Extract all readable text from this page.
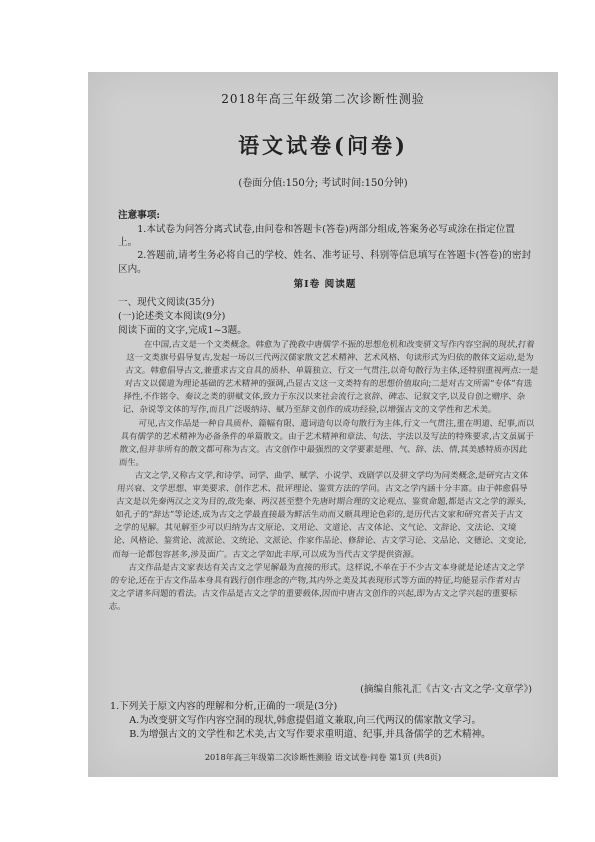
2018年高三年级第二次诊断性测验
语文试卷(问卷)
(卷面分值:150分; 考试时间:150分钟)
注意事项:

1.本试卷为问答分离式试卷,由问卷和答题卡(答卷)两部分组成,答案务必写或涂在指定位置上。

2.答题前,请考生务必将自己的学校、姓名、准考证号、科别等信息填写在答题卡(答卷)的密封区内。

第Ⅰ卷 阅读题
一、现代文阅读(35分)
(一)论述类文本阅读(9分)
阅读下面的文字,完成1~3题。

在中国,古文是一个文类概念。韩愈为了挽救中唐儒学不振的思想危机和改变骈文写作内容空洞的现状,打着这一文类旗号倡导复古,发起一场以三代两汉儒家散文艺术精神、艺术风格、句读形式为归依的散体文运动,是为古文。韩愈倡导古文,兼重求古文自具的质朴、单篇独立、行文一气贯注,以奇句散行为主体,还特别重视两点:一是对古文以儒道为理论基础的艺术精神的强调,凸显古文这一文类特有的思想价值取向;二是对古文所需“专体”有选择性,不作铭令、奏议之类的骈赋文体,致力于东汉以来社会流行之哀辞、碑志、记叙文字,以及自创之赠序、杂记、杂说等文体的写作,而且广泛吸纳诗、赋乃至辞文创作的成功经验,以增强古文的文学性和艺术美。

可见,古文作品是一种自具质朴、篇幅有限、遣词造句以奇句散行为主体,行文一气贯注,重在明道、纪事,而以具有儒学的艺术精神为必备条件的单篇散文。由于艺术精神和章法、句法、字法以及写法的特殊要求,古文虽属于散文,但并非所有的散文都可称为古文。古文创作中最强烈的文学要素是理、气、辞、法、情,其美感特质亦因此而生。

古文之学,又称古文学,和诗学、词学、曲学、赋学、小说学、戏剧学以及骈文学均为同类概念,是研究古文体用兴衰、文学思想、审美要求、创作艺术、批评理论、鉴赏方法的学问。古文之学内涵十分丰富。由于韩愈倡导古文是以先秦两汉之文为目的,故先秦、两汉甚至整个先唐时期合理的文论观点、鉴赏命题,都是古文之学的源头,如孔子的“辞达”等论述,成为古文之学最直接最为鲜活生动而又颇具理论色彩的,是历代古文家和研究者关于古文之学的见解。其见解至少可以归纳为古文原论、文用论、文道论、古文体论、文气论、文辞论、文法论、文境论、风格论、鉴赏论、流派论、文统论、文派论、作家作品论、修辞论、古文学习论、文品论、文德论、文变论,而每一论都包容甚多,涉及面广。古文之学如此丰厚,可以成为当代古文学提供资源。

古文作品是古文家表达有关古文之学见解最为直接的形式。这样说,不单在于不少古文本身就是论述古文之学的专论,还在于古文作品本身具有践行创作理念的产物,其内外之美及其表现形式等方面的特征,均能显示作者对古文之学诸多问题的看法。古文作品是古文之学的重要载体,因而中唐古文创作的兴起,即为古文之学兴起的重要标志。

(摘编自熊礼汇《古文·古文之学·文章学》)
1.下列关于原文内容的理解和分析,正确的一项是(3分)
A.为改变骈文写作内容空洞的现状,韩愈提倡道文兼取,向三代两汉的儒家散文学习。
B.为增强古文的文学性和艺术美,古文写作要求重明道、纪事,并具备儒学的艺术精神。
2018年高三年级第二次诊断性测验 语文试卷·问卷 第1页 (共8页)
